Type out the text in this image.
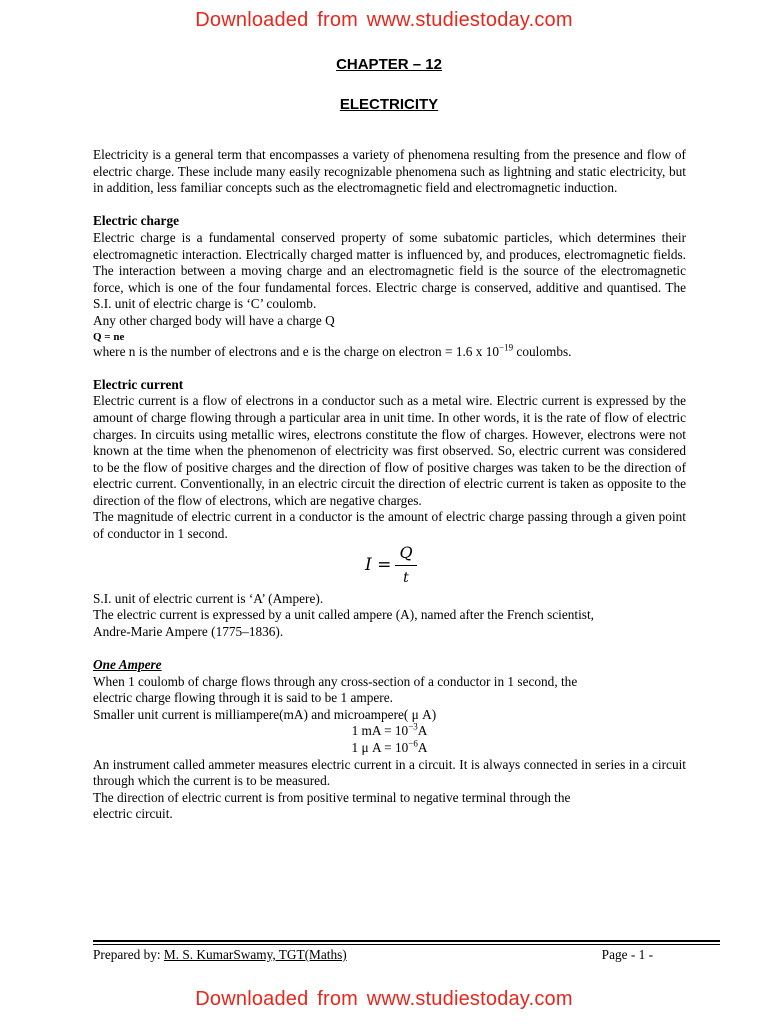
Downloaded from www.studiestoday.com
CHAPTER – 12
ELECTRICITY

Electricity is a general term that encompasses a variety of phenomena resulting from the presence and flow of electric charge. These include many easily recognizable phenomena such as lightning and static electricity, but in addition, less familiar concepts such as the electromagnetic field and electromagnetic induction.

Electric charge

Electric charge is a fundamental conserved property of some subatomic particles, which determines their electromagnetic interaction. Electrically charged matter is influenced by, and produces, electromagnetic fields. The interaction between a moving charge and an electromagnetic field is the source of the electromagnetic force, which is one of the four fundamental forces. Electric charge is conserved, additive and quantised. The S.I. unit of electric charge is ‘C’ coulomb.

Any other charged body will have a charge Q

Q = ne

where n is the number of electrons and e is the charge on electron = 1.6 x $10^{-19}$ coulombs.

Electric current

Electric current is a flow of electrons in a conductor such as a metal wire. Electric current is expressed by the amount of charge flowing through a particular area in unit time. In other words, it is the rate of flow of electric charges. In circuits using metallic wires, electrons constitute the flow of charges. However, electrons were not known at the time when the phenomenon of electricity was first observed. So, electric current was considered to be the flow of positive charges and the direction of flow of positive charges was taken to be the direction of electric current. Conventionally, in an electric circuit the direction of electric current is taken as opposite to the direction of the flow of electrons, which are negative charges.

The magnitude of electric current in a conductor is the amount of electric charge passing through a given point of conductor in 1 second.

I =
Q
t

S.I. unit of electric current is ‘A’ (Ampere).

The electric current is expressed by a unit called ampere (A), named after the French scientist,

Andre-Marie Ampere (1775–1836).

One Ampere

When 1 coulomb of charge flows through any cross-section of a conductor in 1 second, the

electric charge flowing through it is said to be 1 ampere.

Smaller unit current is milliampere(mA) and microampere( μ A)

1 mA = $10^{-3}A$

1 μ $A = 10^{-6}A$

An instrument called ammeter measures electric current in a circuit. It is always connected in series in a circuit through which the current is to be measured.

The direction of electric current is from positive terminal to negative terminal through the

electric circuit.

Prepared by: M. S. KumarSwamy, TGT(Maths)	Page - 1 -
Downloaded from www.studiestoday.com
